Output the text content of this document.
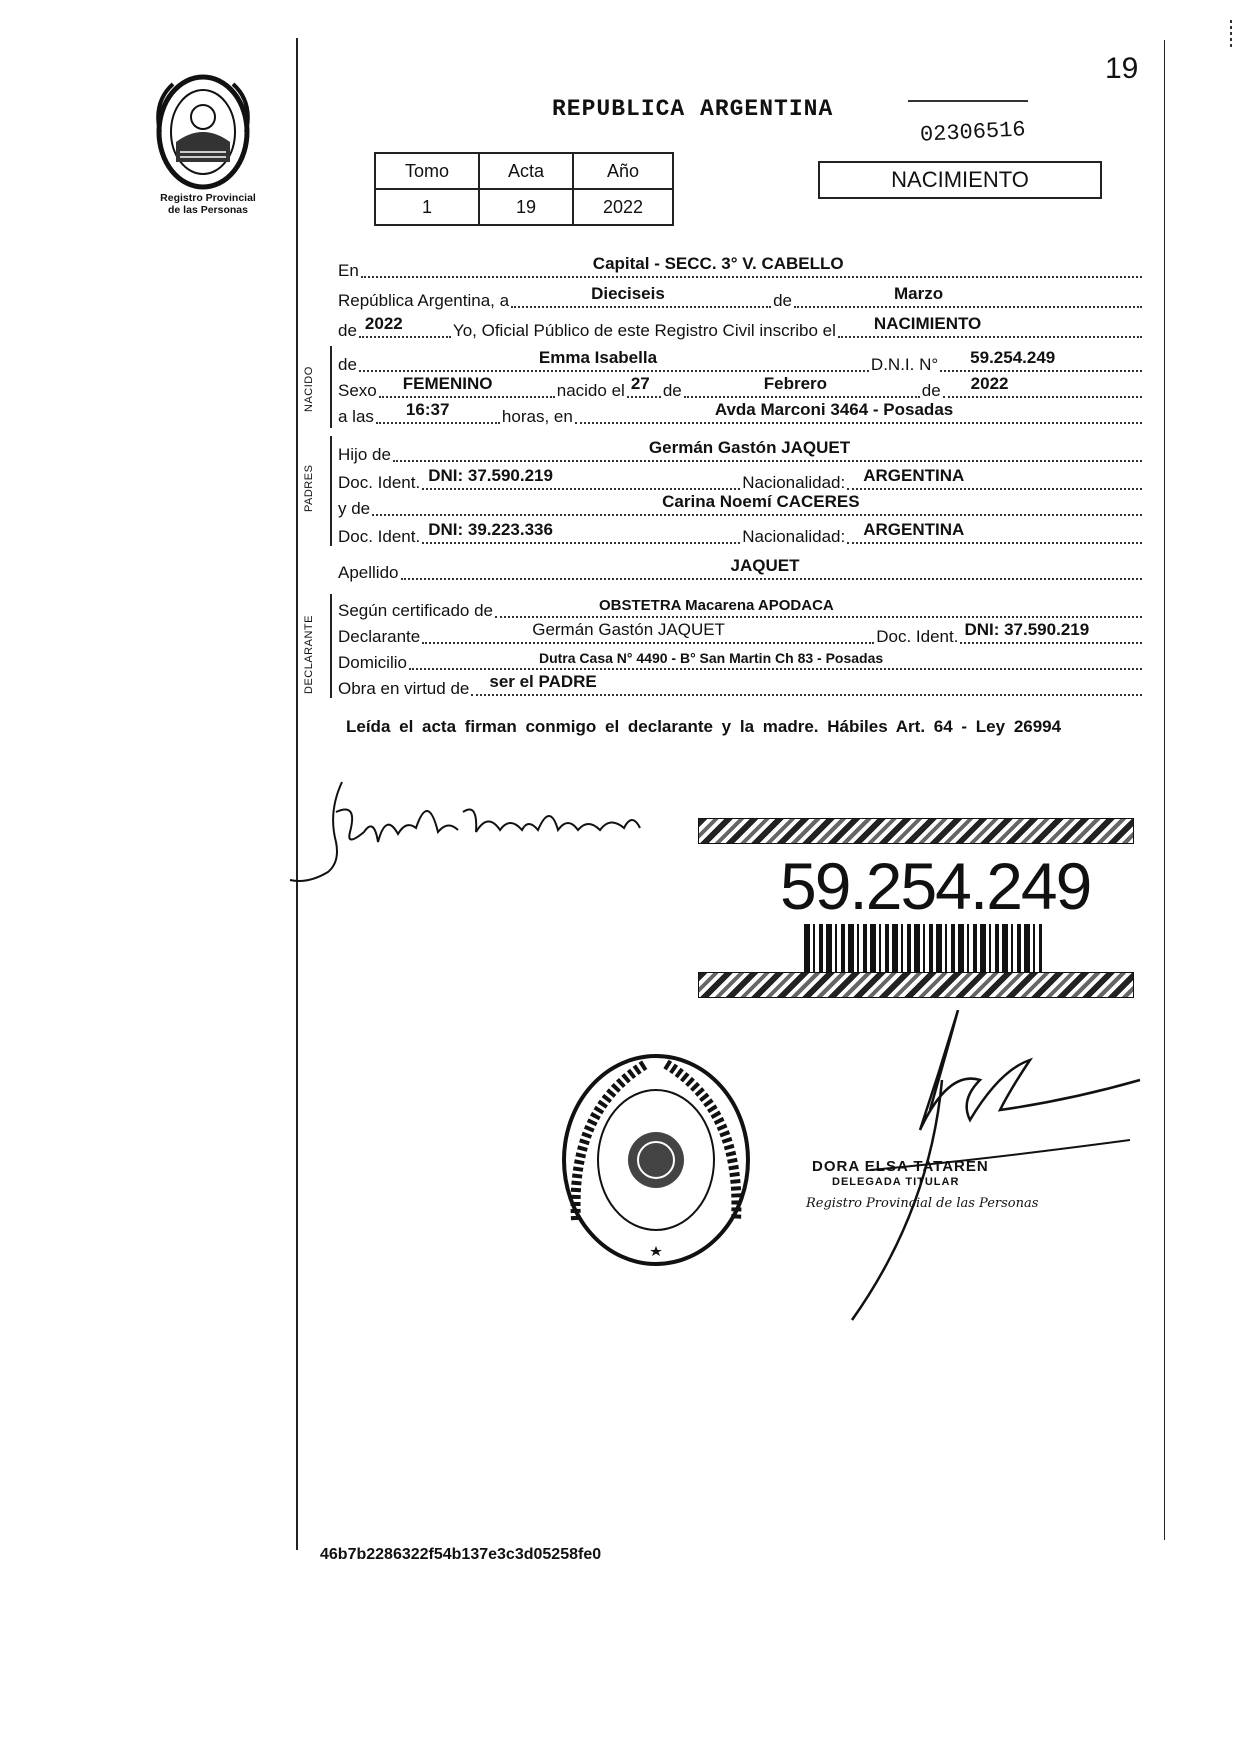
19
Registro Provincial
de las Personas
REPUBLICA ARGENTINA
02306516
NACIMIENTO
Tomo	Acta	Año
1	19	2022
En	Capital - SECC. 3° V. CABELLO
República Argentina, a	Dieciseis	de	Marzo
de 2022	Yo, Oficial Público de este Registro Civil inscribo el NACIMIENTO
NACIDO
de	Emma Isabella	D.N.I. N° 59.254.249
Sexo FEMENINO	nacido el 27 de	Febrero	de 2022
a las 16:37	horas, en	Avda Marconi 3464 - Posadas
PADRES
Hijo de	Germán Gastón JAQUET
Doc. Ident. DNI: 37.590.219	Nacionalidad: ARGENTINA
y de	Carina Noemí CACERES
Doc. Ident. DNI: 39.223.336	Nacionalidad: ARGENTINA
Apellido	JAQUET
DECLARANTE
Según certificado de	OBSTETRA Macarena APODACA
Declarante	Germán Gastón JAQUET	Doc. Ident. DNI: 37.590.219
Domicilio	Dutra Casa N° 4490 - B° San Martin Ch 83 - Posadas
Obra en virtud de ser el PADRE
Leída el acta firman conmigo el declarante y la madre. Hábiles Art. 64 - Ley 26994
59.254.249
DORA ELSA TATAREN
DELEGADA TITULAR
Registro Provincial de las Personas
46b7b2286322f54b137e3c3d05258fe0
